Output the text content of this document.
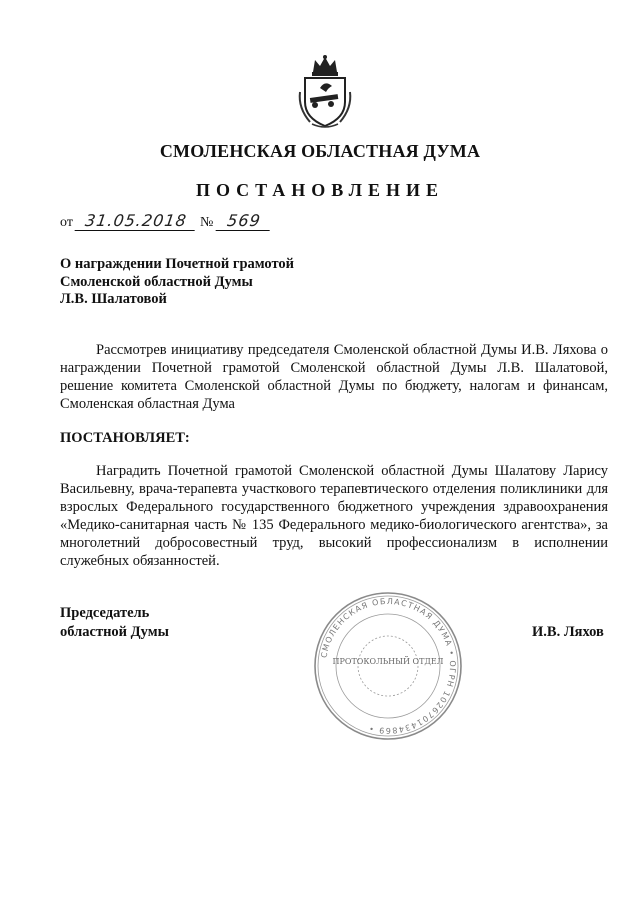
СМОЛЕНСКАЯ ОБЛАСТНАЯ ДУМА
ПОСТАНОВЛЕНИЕ
от 31.05.2018 № 569
О награждении Почетной грамотой
Смоленской областной Думы
Л.В. Шалатовой

Рассмотрев инициативу председателя Смоленской областной Думы И.В. Ляхова о награждении Почетной грамотой Смоленской областной Думы Л.В. Шалатовой, решение комитета Смоленской областной Думы по бюджету, налогам и финансам, Смоленская областная Дума

ПОСТАНОВЛЯЕТ:

Наградить Почетной грамотой Смоленской областной Думы Шалатову Ларису Васильевну, врача-терапевта участкового терапевтического отделения поликлиники для взрослых Федерального государственного бюджетного учреждения здравоохранения «Медико-санитарная часть № 135 Федерального медико-биологического агентства», за многолетний добросовестный труд, высокий профессионализм в исполнении служебных обязанностей.

Председатель
областной Думы
СМОЛЕНСКАЯ ОБЛАСТНАЯ ДУМА • ОГРН 1026701434869 •
ПРОТОКОЛЬНЫЙ ОТДЕЛ
И.В. Ляхов
